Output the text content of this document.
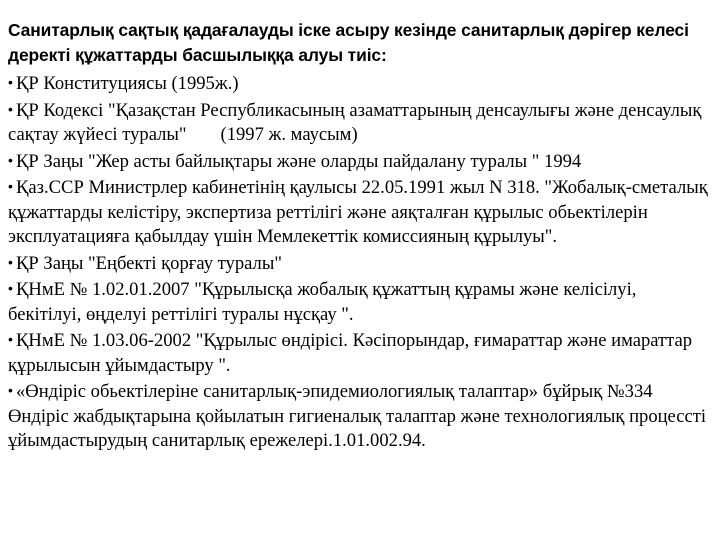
Санитарлық сақтық қадағалауды іске асыру кезінде санитарлық дәрігер келесі деректі құжаттарды басшылыққа алуы тиіс:
• ҚР Конституциясы (1995ж.)
• ҚР Кодексі "Қазақстан Республикасының азаматтарының денсаулығы және денсаулық сақтау жүйесі туралы" (1997 ж. маусым)
• ҚР Заңы "Жер асты байлықтары және оларды пайдалану туралы " 1994
• Қаз.ССР Министрлер кабинетінің қаулысы 22.05.1991 жыл N 318. "Жобалық-сметалық құжаттарды келістіру, экспертиза реттілігі және аяқталған құрылыс обьектілерін эксплуатацияға қабылдау үшін Мемлекеттік комиссияның құрылуы".
• ҚР Заңы "Еңбекті қорғау туралы"
• ҚНмЕ № 1.02.01.2007 "Құрылысқа жобалық құжаттың құрамы және келісілуі, бекітілуі, өңделуі реттілігі туралы нұсқау ".
• ҚНмЕ № 1.03.06-2002 "Құрылыс өндірісі. Кәсіпорындар, ғимараттар және имараттар құрылысын ұйымдастыру ".
• «Өндіріс обьектілеріне санитарлық-эпидемиологиялық талаптар» бұйрық №334 Өндіріс жабдықтарына қойылатын гигиеналық талаптар және технологиялық процессті ұйымдастырудың санитарлық ережелері.1.01.002.94.
